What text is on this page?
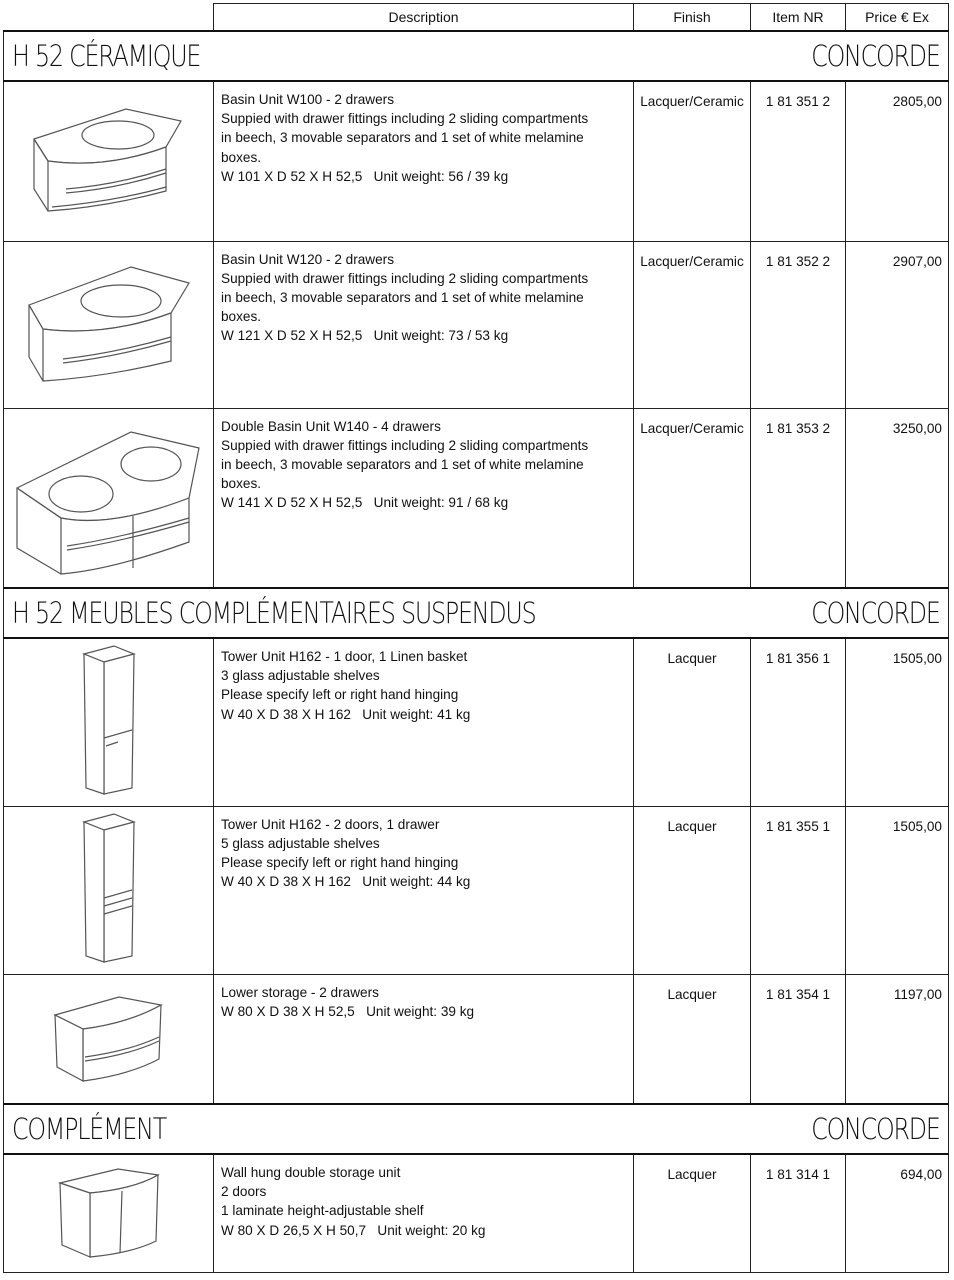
	Description	Finish	Item NR	Price € Ex

H 52 CÉRAMIQUE CONCORDE				

Basin Unit W100 - 2 drawers
Suppied with drawer fittings including 2 sliding compartments
in beech, 3 movable separators and 1 set of white melamine
boxes.
W 101 X D 52 X H 52,5   Unit weight: 56 / 39 kg	Lacquer/Ceramic	1 81 351 2	2805,00

Basin Unit W120 - 2 drawers
Suppied with drawer fittings including 2 sliding compartments
in beech, 3 movable separators and 1 set of white melamine
boxes.
W 121 X D 52 X H 52,5   Unit weight: 73 / 53 kg	Lacquer/Ceramic	1 81 352 2	2907,00

Double Basin Unit W140 - 4 drawers
Suppied with drawer fittings including 2 sliding compartments
in beech, 3 movable separators and 1 set of white melamine
boxes.
W 141 X D 52 X H 52,5   Unit weight: 91 / 68 kg	Lacquer/Ceramic	1 81 353 2	3250,00

H 52 MEUBLES COMPLÉMENTAIRES SUSPENDUS CONCORDE				

Tower Unit H162 - 1 door, 1 Linen basket
3 glass adjustable shelves
Please specify left or right hand hinging
W 40 X D 38 X H 162   Unit weight: 41 kg	Lacquer	1 81 356 1	1505,00

Tower Unit H162 - 2 doors, 1 drawer
5 glass adjustable shelves
Please specify left or right hand hinging
W 40 X D 38 X H 162   Unit weight: 44 kg	Lacquer	1 81 355 1	1505,00

Lower storage - 2 drawers
W 80 X D 38 X H 52,5   Unit weight: 39 kg	Lacquer	1 81 354 1	1197,00

COMPLÉMENT CONCORDE				

Wall hung double storage unit
2 doors
1 laminate height-adjustable shelf
W 80 X D 26,5 X H 50,7   Unit weight: 20 kg	Lacquer	1 81 314 1	694,00
